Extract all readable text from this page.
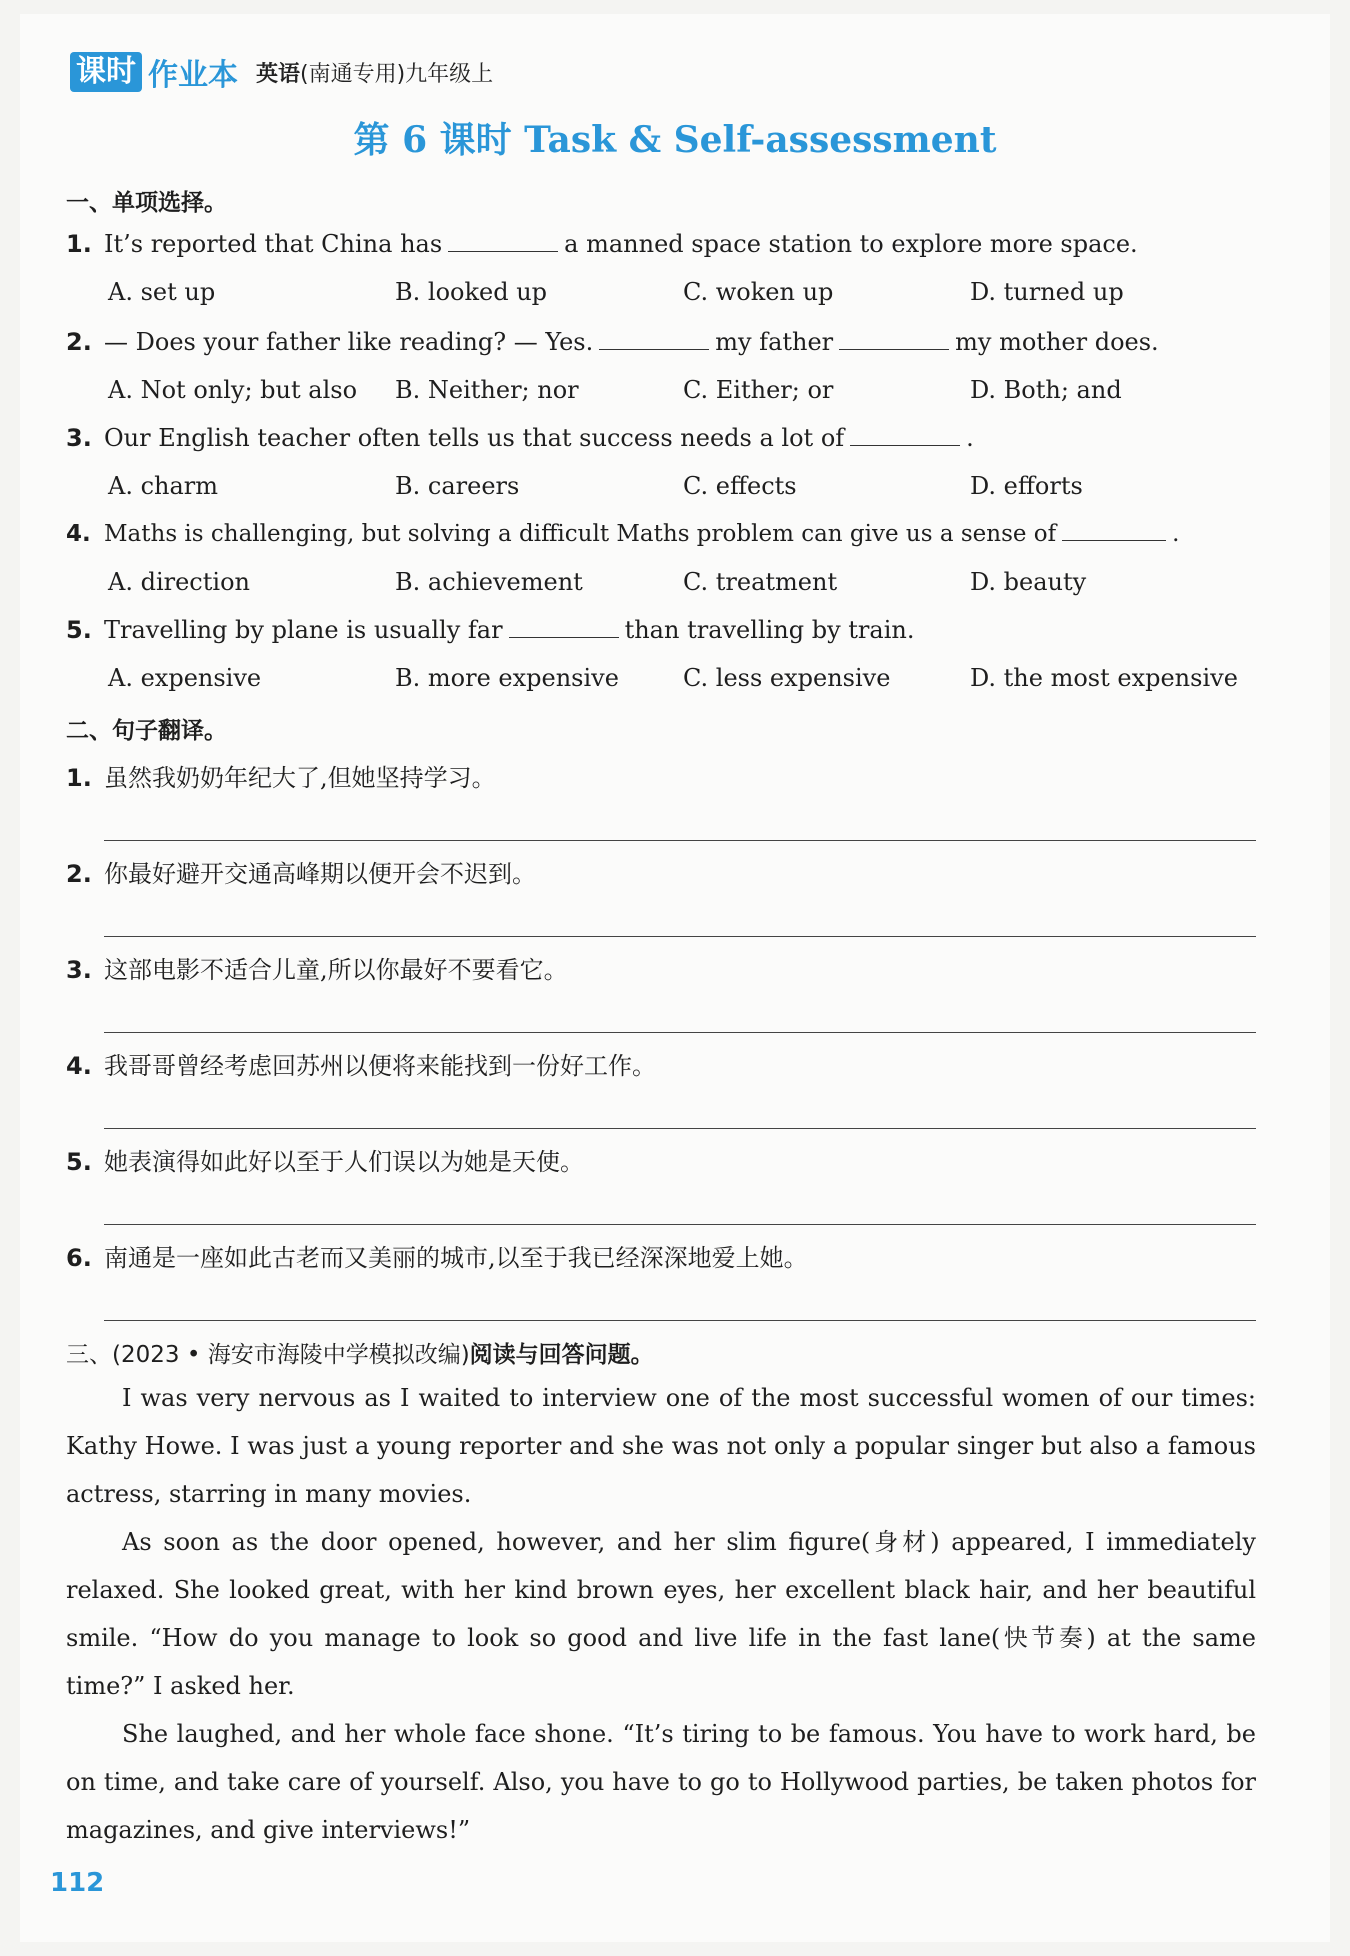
课时 作业本 英语(南通专用)九年级上
第 6 课时 Task & Self-assessment
一、单项选择。
1. It’s reported that China has	a manned space station to explore more space.
A. set up	B. looked up	C. woken up	D. turned up
2. — Does your father like reading? — Yes.	my father	my mother does.
A. Not only; but also B. Neither; nor	C. Either; or	D. Both; and
3. Our English teacher often tells us that success needs a lot of	.
A. charm	B. careers	C. effects	D. efforts
4. Maths is challenging, but solving a difficult Maths problem can give us a sense of	.
A. direction	B. achievement	C. treatment	D. beauty
5. Travelling by plane is usually far	than travelling by train.
A. expensive	B. more expensive	C. less expensive	D. the most expensive
二、句子翻译。
1. 虽然我奶奶年纪大了,但她坚持学习。
2. 你最好避开交通高峰期以便开会不迟到。
3. 这部电影不适合儿童,所以你最好不要看它。
4. 我哥哥曾经考虑回苏州以便将来能找到一份好工作。
5. 她表演得如此好以至于人们误以为她是天使。
6. 南通是一座如此古老而又美丽的城市,以至于我已经深深地爱上她。
三、(2023 • 海安市海陵中学模拟改编)阅读与回答问题。
I was very nervous as I waited to interview one of the most successful women of our times: Kathy Howe. I was just a young reporter and she was not only a popular singer but also a famous actress, starring in many movies.
As soon as the door opened, however, and her slim figure(身材) appeared, I immediately relaxed. She looked great, with her kind brown eyes, her excellent black hair, and her beautiful smile. “How do you manage to look so good and live life in the fast lane(快节奏) at the same time?” I asked her.
She laughed, and her whole face shone. “It’s tiring to be famous. You have to work hard, be on time, and take care of yourself. Also, you have to go to Hollywood parties, be taken photos for magazines, and give interviews!”
112
